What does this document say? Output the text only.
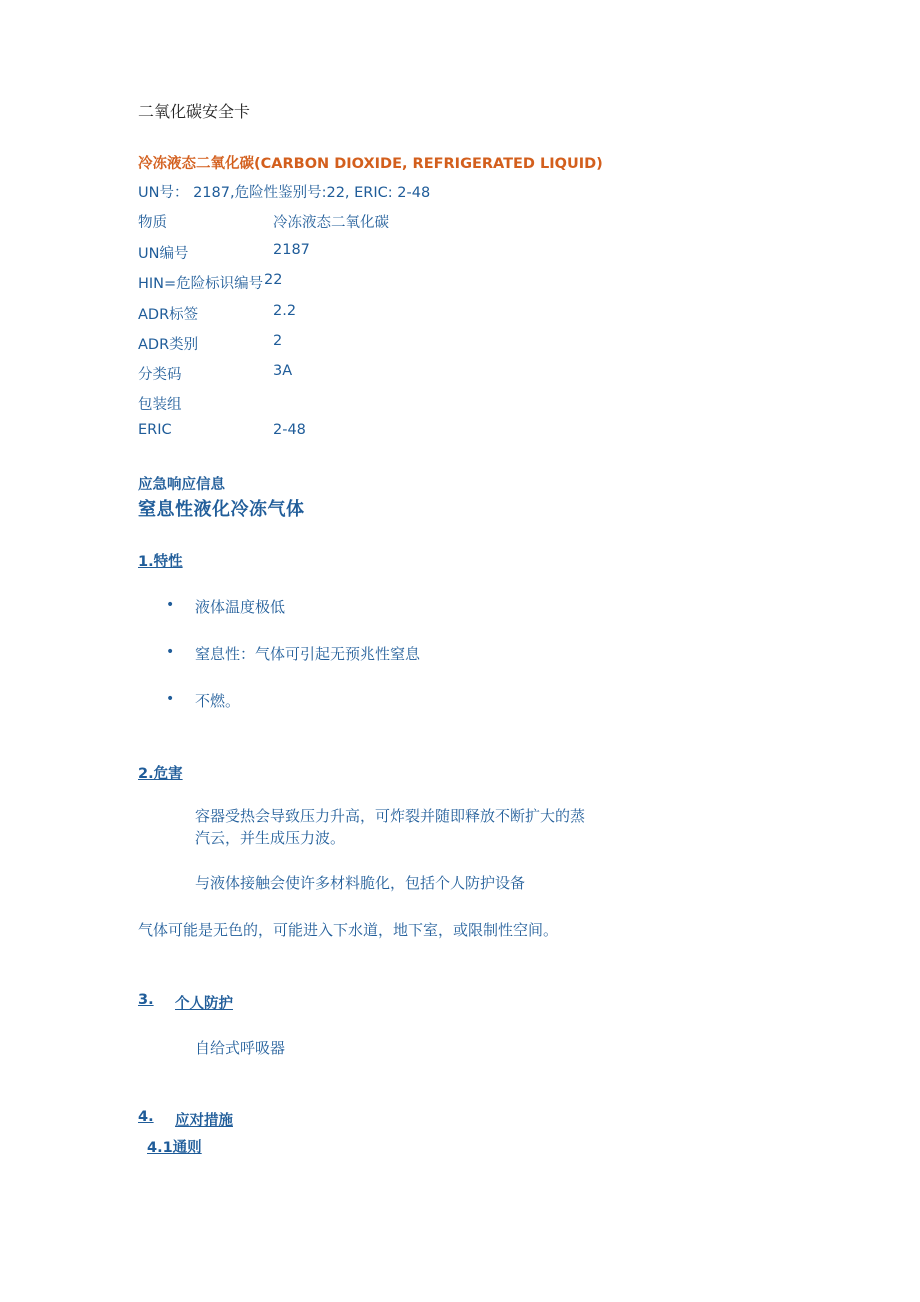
二氧化碳安全卡
冷冻液态二氧化碳(CARBON DIOXIDE, REFRIGERATED LIQUID)
UN号： 2187,危险性鉴别号:22, ERIC: 2-48
物质	冷冻液态二氧化碳
UN编号	2187
HIN=危险标识编号 22
ADR标签	2.2
ADR类别	2
分类码	3A
包装组
ERIC	2-48
应急响应信息
窒息性液化冷冻气体
1.特性
• 液体温度极低
• 窒息性：气体可引起无预兆性窒息
• 不燃。
2.危害
容器受热会导致压力升高，可炸裂并随即释放不断扩大的蒸
汽云，并生成压力波。
与液体接触会使许多材料脆化，包括个人防护设备
气体可能是无色的，可能进入下水道，地下室，或限制性空间。
3. 个人防护
自给式呼吸器
4. 应对措施
4.1通则
